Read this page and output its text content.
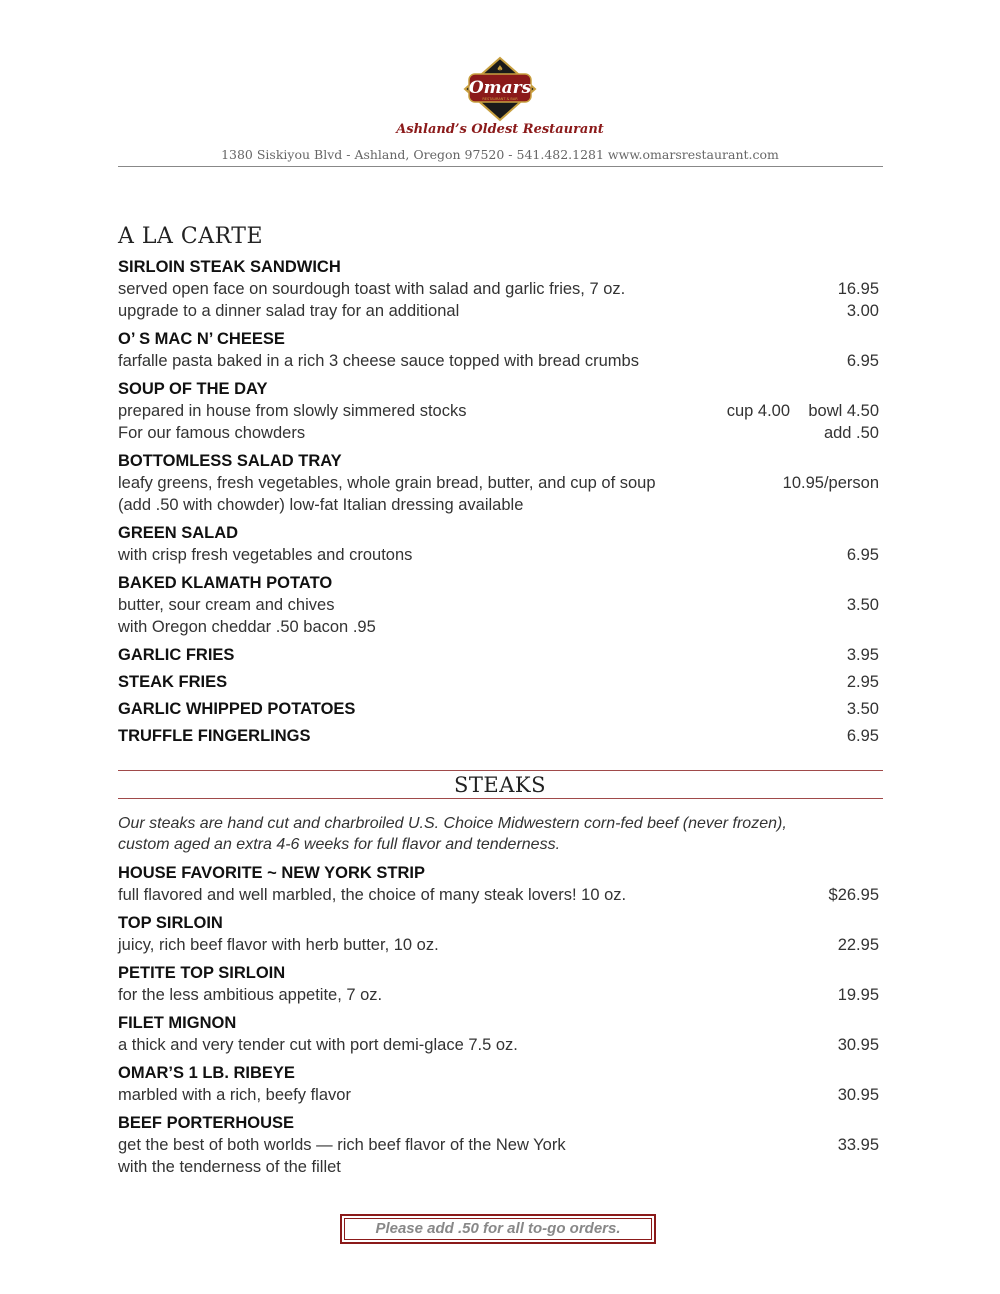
Omars
RESTAURANT & BAR
♠
Ashland’s Oldest Restaurant
1380 Siskiyou Blvd - Ashland, Oregon 97520 - 541.482.1281 www.omarsrestaurant.com
A LA CARTE
SIRLOIN STEAK SANDWICH
served open face on sourdough toast with salad and garlic fries, 7 oz.	16.95
upgrade to a dinner salad tray for an additional	3.00
O’ S MAC N’ CHEESE
farfalle pasta baked in a rich 3 cheese sauce topped with bread crumbs	6.95
SOUP OF THE DAY
prepared in house from slowly simmered stocks	cup 4.00    bowl 4.50
For our famous chowders	add .50
BOTTOMLESS SALAD TRAY
leafy greens, fresh vegetables, whole grain bread, butter, and cup of soup	10.95/person
(add .50 with chowder) low-fat Italian dressing available
GREEN SALAD
with crisp fresh vegetables and croutons	6.95
BAKED KLAMATH POTATO
butter, sour cream and chives	3.50
with Oregon cheddar .50 bacon .95
GARLIC FRIES	3.95
STEAK FRIES	2.95
GARLIC WHIPPED POTATOES	3.50
TRUFFLE FINGERLINGS	6.95
STEAKS
Our steaks are hand cut and charbroiled U.S. Choice Midwestern corn-fed beef (never frozen),
custom aged an extra 4-6 weeks for full flavor and tenderness.
HOUSE FAVORITE ~ NEW YORK STRIP
full flavored and well marbled, the choice of many steak lovers! 10 oz.	$26.95
TOP SIRLOIN
juicy, rich beef flavor with herb butter, 10 oz.	22.95
PETITE TOP SIRLOIN
for the less ambitious appetite, 7 oz.	19.95
FILET MIGNON
a thick and very tender cut with port demi-glace 7.5 oz.	30.95
OMAR’S 1 LB. RIBEYE
marbled with a rich, beefy flavor	30.95
BEEF PORTERHOUSE
get the best of both worlds — rich beef flavor of the New York	33.95
with the tenderness of the fillet
Please add .50 for all to-go orders.
